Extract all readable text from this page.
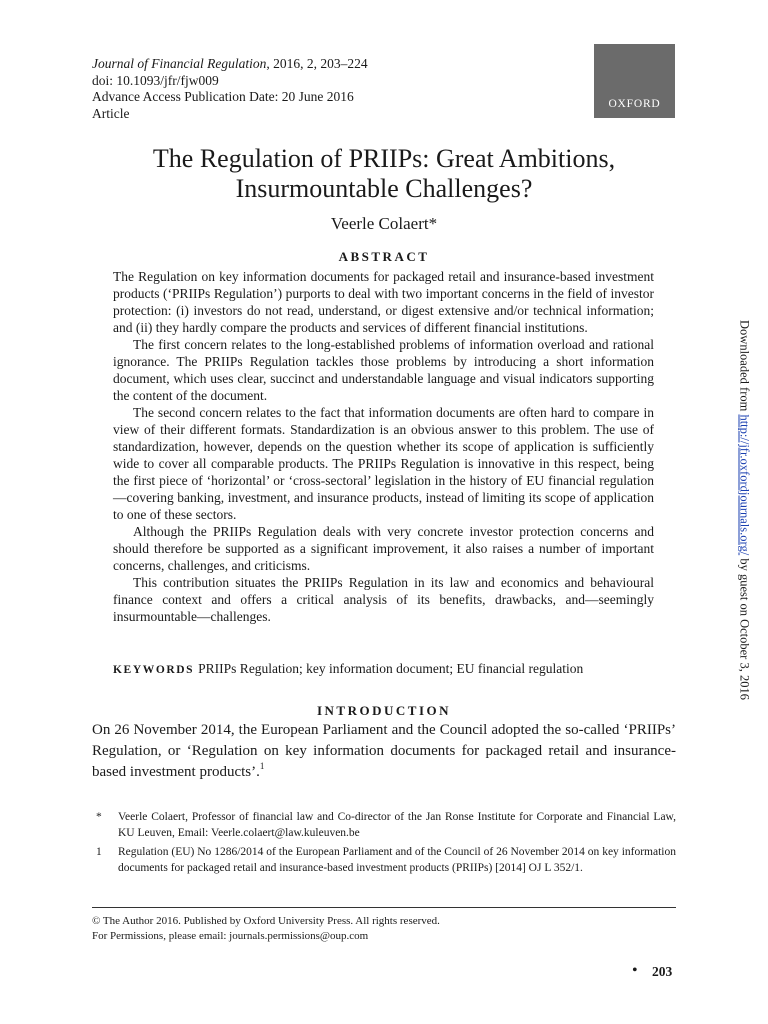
Journal of Financial Regulation, 2016, 2, 203–224
doi: 10.1093/jfr/fjw009
Advance Access Publication Date: 20 June 2016
Article
OXFORD
The Regulation of PRIIPs: Great Ambitions, Insurmountable Challenges?
Veerle Colaert*
ABSTRACT

The Regulation on key information documents for packaged retail and insurance-based investment products (‘PRIIPs Regulation’) purports to deal with two important concerns in the field of investor protection: (i) investors do not read, understand, or digest extensive and/or technical information; and (ii) they hardly compare the products and services of different financial institutions.

The first concern relates to the long-established problems of information overload and rational ignorance. The PRIIPs Regulation tackles those problems by introducing a short information document, which uses clear, succinct and understandable language and visual indicators supporting the content of the document.

The second concern relates to the fact that information documents are often hard to compare in view of their different formats. Standardization is an obvious answer to this problem. The use of standardization, however, depends on the question whether its scope of application is sufficiently wide to cover all comparable products. The PRIIPs Regulation is innovative in this respect, being the first piece of ‘horizontal’ or ‘cross-sectoral’ legislation in the history of EU financial regulation—covering banking, investment, and insurance products, instead of limiting its scope of application to one of these sectors.

Although the PRIIPs Regulation deals with very concrete investor protection concerns and should therefore be supported as a significant improvement, it also raises a number of important concerns, challenges, and criticisms.

This contribution situates the PRIIPs Regulation in its law and economics and behavioural finance context and offers a critical analysis of its benefits, drawbacks, and—seemingly insurmountable—challenges.

KEYWORDS PRIIPs Regulation; key information document; EU financial regulation
INTRODUCTION

On 26 November 2014, the European Parliament and the Council adopted the so-called ‘PRIIPs’ Regulation, or ‘Regulation on key information documents for packaged retail and insurance-based investment products’.$^1$

*	Veerle Colaert, Professor of financial law and Co-director of the Jan Ronse Institute for Corporate and Financial Law, KU Leuven, Email: Veerle.colaert@law.kuleuven.be
1	Regulation (EU) No 1286/2014 of the European Parliament and of the Council of 26 November 2014 on key information documents for packaged retail and insurance-based investment products (PRIIPs) [2014] OJ L 352/1.
© The Author 2016. Published by Oxford University Press. All rights reserved.
For Permissions, please email: journals.permissions@oup.com
• 203
Downloaded from http://jfr.oxfordjournals.org/ by guest on October 3, 2016
